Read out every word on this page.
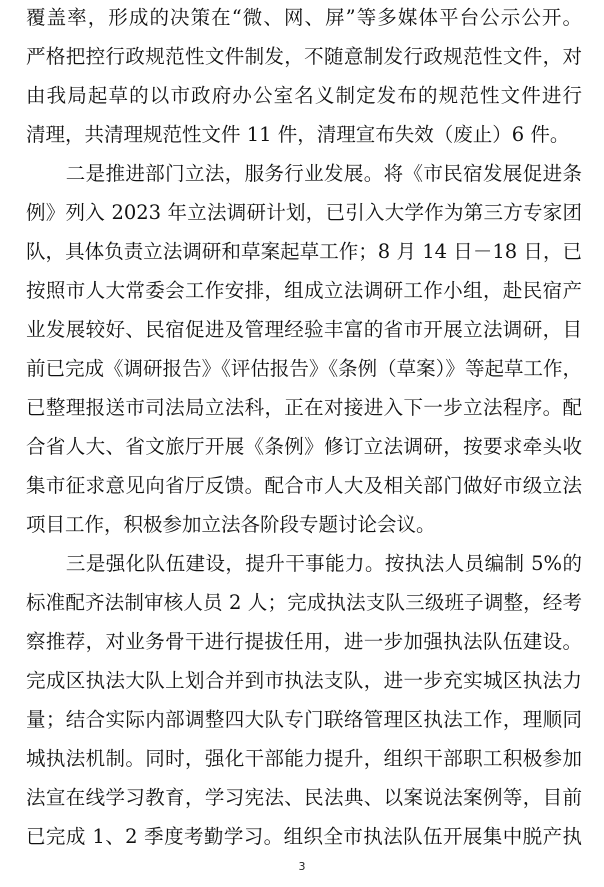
覆盖率，形成的决策在“微、网、屏”等多媒体平台公示公开。
严格把控行政规范性文件制发，不随意制发行政规范性文件，对
由我局起草的以市政府办公室名义制定发布的规范性文件进行
清理，共清理规范性文件 11 件，清理宣布失效（废止）6 件。
　　二是推进部门立法，服务行业发展。将《市民宿发展促进条
例》列入 2023 年立法调研计划，已引入大学作为第三方专家团
队，具体负责立法调研和草案起草工作；8 月 14 日－18 日，已
按照市人大常委会工作安排，组成立法调研工作小组，赴民宿产
业发展较好、民宿促进及管理经验丰富的省市开展立法调研，目
前已完成《调研报告》《评估报告》《条例（草案）》等起草工作，
已整理报送市司法局立法科，正在对接进入下一步立法程序。配
合省人大、省文旅厅开展《条例》修订立法调研，按要求牵头收
集市征求意见向省厅反馈。配合市人大及相关部门做好市级立法
项目工作，积极参加立法各阶段专题讨论会议。
　　三是强化队伍建设，提升干事能力。按执法人员编制 5%的
标准配齐法制审核人员 2 人；完成执法支队三级班子调整，经考
察推荐，对业务骨干进行提拔任用，进一步加强执法队伍建设。
完成区执法大队上划合并到市执法支队，进一步充实城区执法力
量；结合实际内部调整四大队专门联络管理区执法工作，理顺同
城执法机制。同时，强化干部能力提升，组织干部职工积极参加
法宣在线学习教育，学习宪法、民法典、以案说法案例等，目前
已完成 1、2 季度考勤学习。组织全市执法队伍开展集中脱产执
3
